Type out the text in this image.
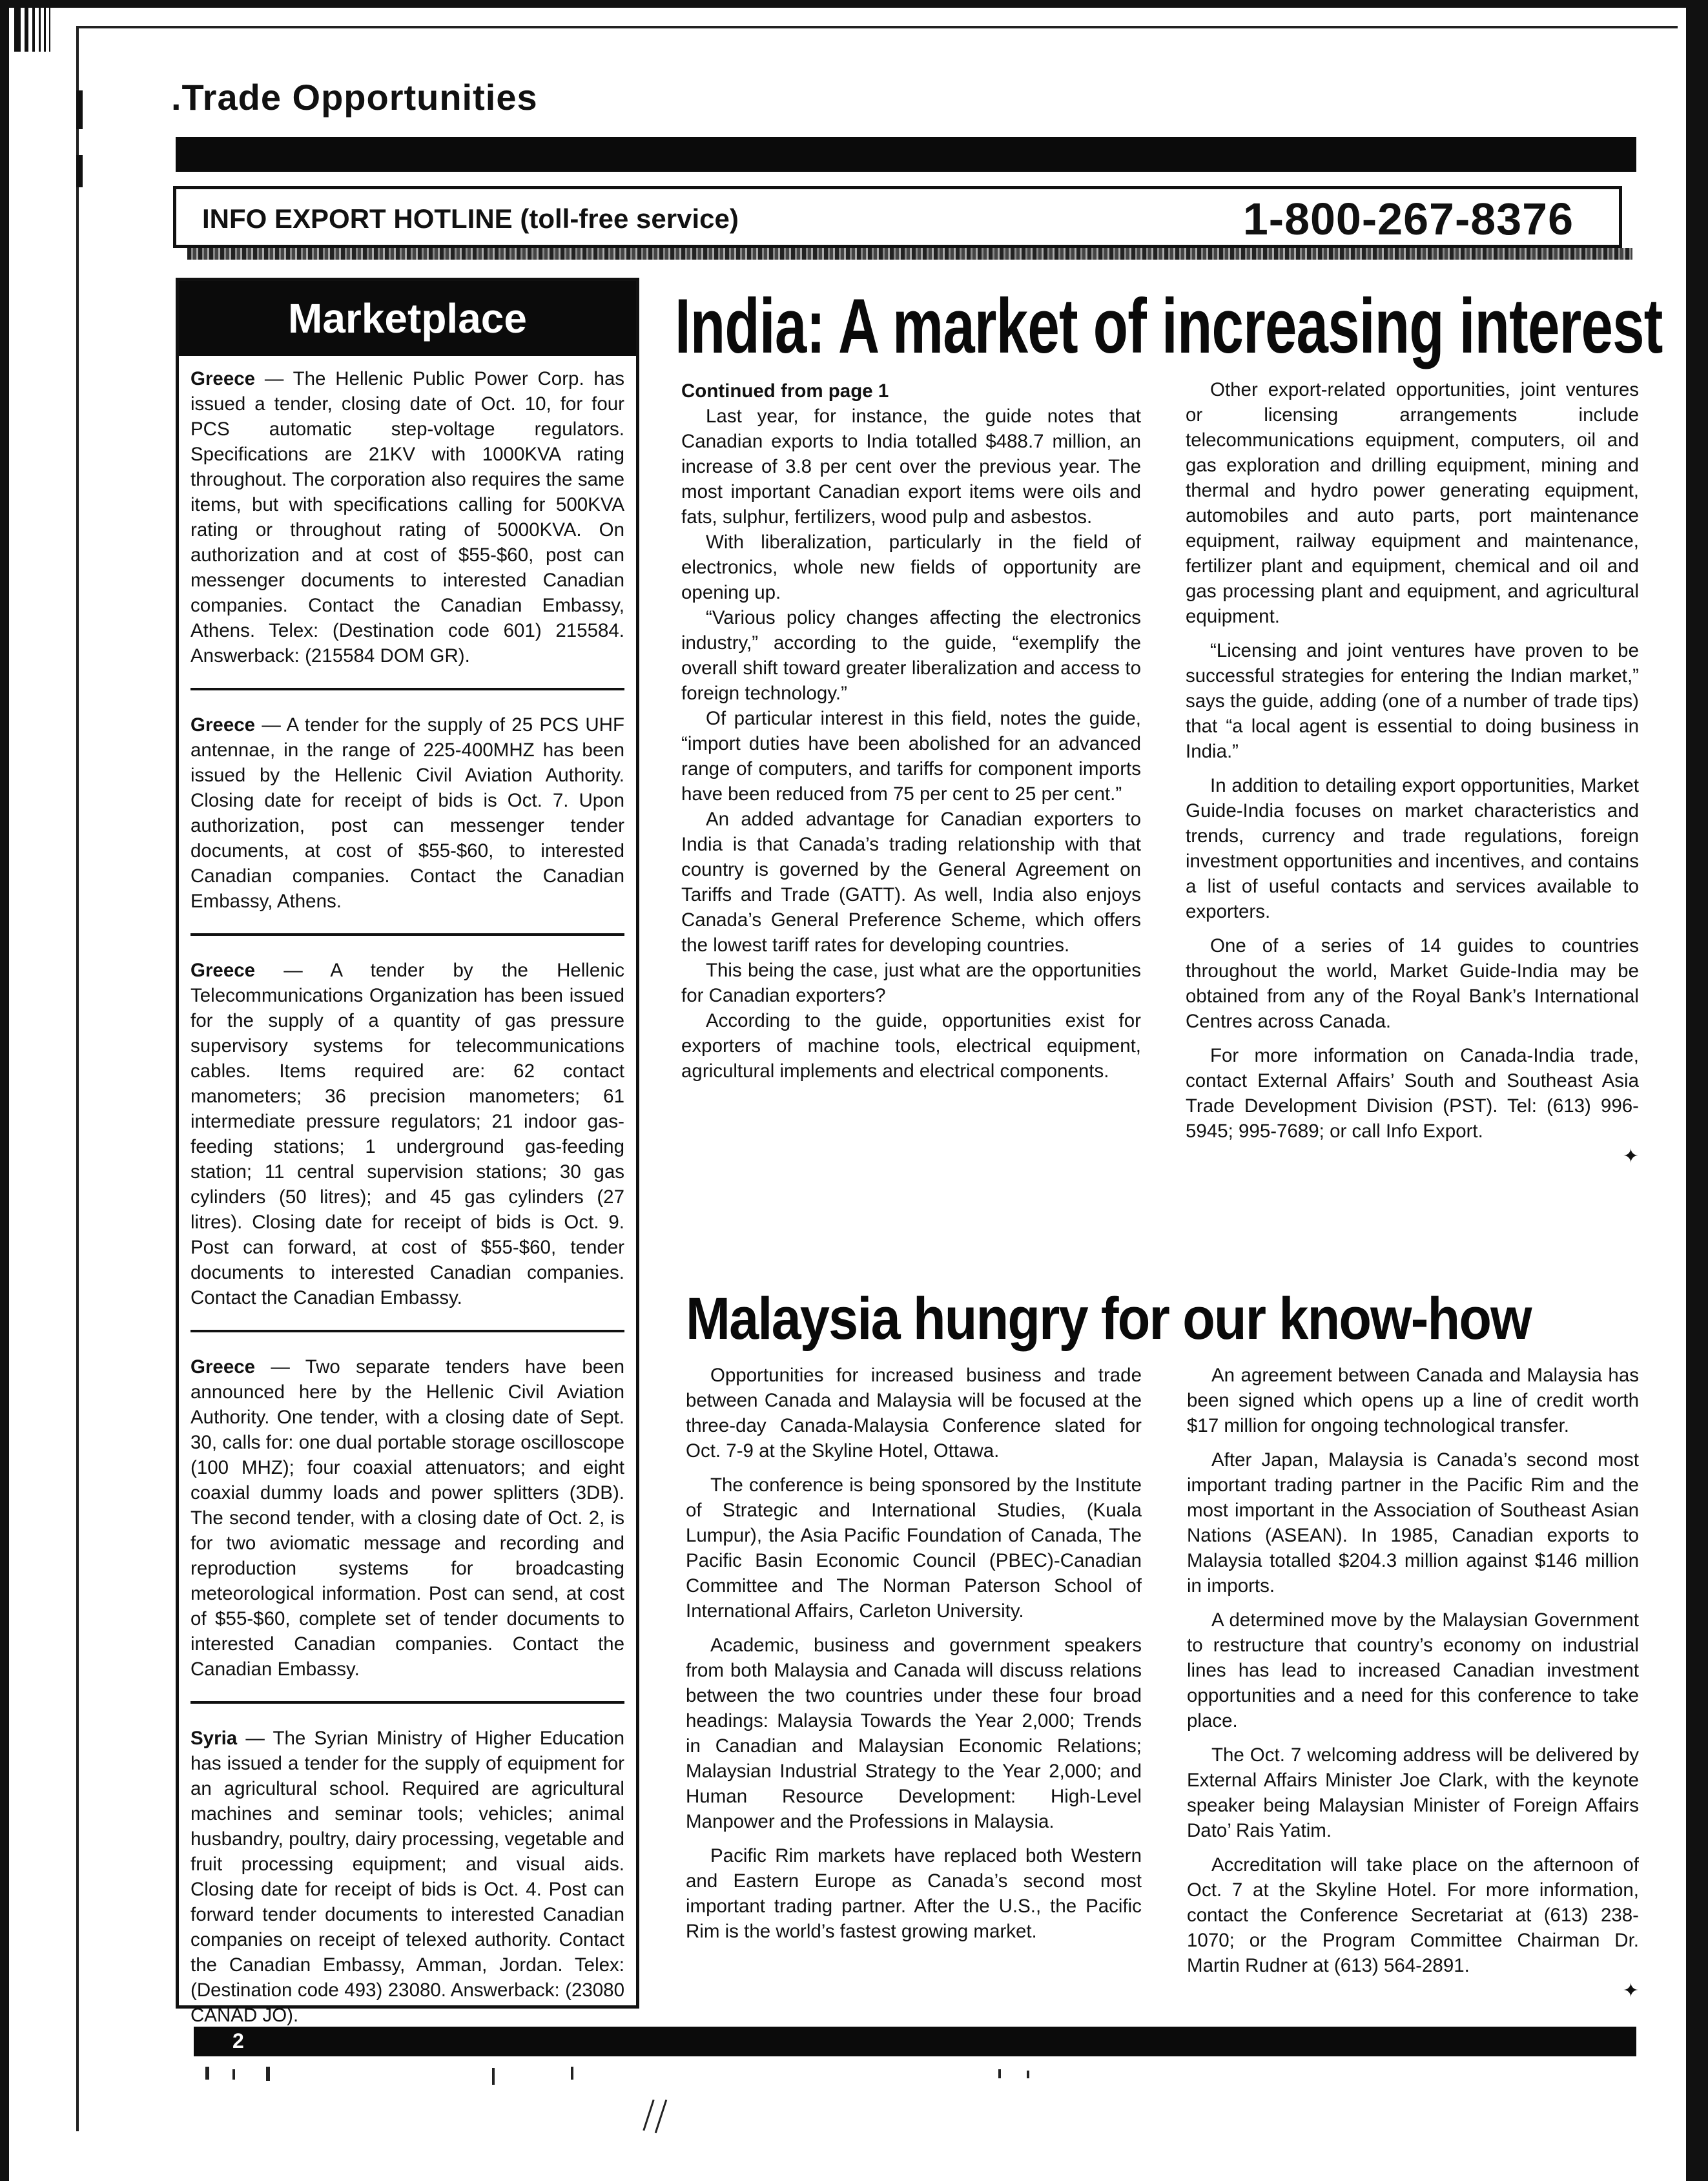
.Trade Opportunities
INFO EXPORT HOTLINE (toll-free service)	1-800-267-8376
Marketplace

Greece — The Hellenic Public Power Corp. has issued a tender, closing date of Oct. 10, for four PCS automatic step-voltage regulators. Specifications are 21KV with 1000KVA rating throughout. The corporation also requires the same items, but with specifications calling for 500KVA rating or throughout rating of 5000KVA. On authorization and at cost of $55-$60, post can messenger documents to interested Canadian companies. Contact the Canadian Embassy, Athens. Telex: (Destination code 601) 215584. Answerback: (215584 DOM GR).

Greece — A tender for the supply of 25 PCS UHF antennae, in the range of 225-400MHZ has been issued by the Hellenic Civil Aviation Authority. Closing date for receipt of bids is Oct. 7. Upon authorization, post can messenger tender documents, at cost of $55-$60, to interested Canadian companies. Contact the Canadian Embassy, Athens.

Greece — A tender by the Hellenic Telecommunications Organization has been issued for the supply of a quantity of gas pressure supervisory systems for telecommunications cables. Items required are: 62 contact manometers; 36 precision manometers; 61 intermediate pressure regulators; 21 indoor gas-feeding stations; 1 underground gas-feeding station; 11 central supervision stations; 30 gas cylinders (50 litres); and 45 gas cylinders (27 litres). Closing date for receipt of bids is Oct. 9. Post can forward, at cost of $55-$60, tender documents to interested Canadian companies. Contact the Canadian Embassy.

Greece — Two separate tenders have been announced here by the Hellenic Civil Aviation Authority. One tender, with a closing date of Sept. 30, calls for: one dual portable storage oscilloscope (100 MHZ); four coaxial attenuators; and eight coaxial dummy loads and power splitters (3DB). The second tender, with a closing date of Oct. 2, is for two aviomatic message and recording and reproduction systems for broadcasting meteorological information. Post can send, at cost of $55-$60, complete set of tender documents to interested Canadian companies. Contact the Canadian Embassy.

Syria — The Syrian Ministry of Higher Education has issued a tender for the supply of equipment for an agricultural school. Required are agricultural machines and seminar tools; vehicles; animal husbandry, poultry, dairy processing, vegetable and fruit processing equipment; and visual aids. Closing date for receipt of bids is Oct. 4. Post can forward tender documents to interested Canadian companies on receipt of telexed authority. Contact the Canadian Embassy, Amman, Jordan. Telex: (Destination code 493) 23080. Answerback: (23080 CANAD JO).

India: A market of increasing interest

Continued from page 1

Last year, for instance, the guide notes that Canadian exports to India totalled $488.7 million, an increase of 3.8 per cent over the previous year. The most important Canadian export items were oils and fats, sulphur, fertilizers, wood pulp and asbestos.

With liberalization, particularly in the field of electronics, whole new fields of opportunity are opening up.

“Various policy changes affecting the electronics industry,” according to the guide, “exemplify the overall shift toward greater liberalization and access to foreign technology.”

Of particular interest in this field, notes the guide, “import duties have been abolished for an advanced range of computers, and tariffs for component imports have been reduced from 75 per cent to 25 per cent.”

An added advantage for Canadian exporters to India is that Canada’s trading relationship with that country is governed by the General Agreement on Tariffs and Trade (GATT). As well, India also enjoys Canada’s General Preference Scheme, which offers the lowest tariff rates for developing countries.

This being the case, just what are the opportunities for Canadian exporters?

According to the guide, opportunities exist for exporters of machine tools, electrical equipment, agricultural implements and electrical components.

Other export-related opportunities, joint ventures or licensing arrangements include telecommunications equipment, computers, oil and gas exploration and drilling equipment, mining and thermal and hydro power generating equipment, automobiles and auto parts, port maintenance equipment, railway equipment and maintenance, fertilizer plant and equipment, chemical and oil and gas processing plant and equipment, and agricultural equipment.

“Licensing and joint ventures have proven to be successful strategies for entering the Indian market,” says the guide, adding (one of a number of trade tips) that “a local agent is essential to doing business in India.”

In addition to detailing export opportunities, Market Guide-India focuses on market characteristics and trends, currency and trade regulations, foreign investment opportunities and incentives, and contains a list of useful contacts and services available to exporters.

One of a series of 14 guides to countries throughout the world, Market Guide-India may be obtained from any of the Royal Bank’s International Centres across Canada.

For more information on Canada-India trade, contact External Affairs’ South and Southeast Asia Trade Development Division (PST). Tel: (613) 996-5945; 995-7689; or call Info Export.

✦
Malaysia hungry for our know-how

Opportunities for increased business and trade between Canada and Malaysia will be focused at the three-day Canada-Malaysia Conference slated for Oct. 7-9 at the Skyline Hotel, Ottawa.

The conference is being sponsored by the Institute of Strategic and International Studies, (Kuala Lumpur), the Asia Pacific Foundation of Canada, The Pacific Basin Economic Council (PBEC)-Canadian Committee and The Norman Paterson School of International Affairs, Carleton University.

Academic, business and government speakers from both Malaysia and Canada will discuss relations between the two countries under these four broad headings: Malaysia Towards the Year 2,000; Trends in Canadian and Malaysian Economic Relations; Malaysian Industrial Strategy to the Year 2,000; and Human Resource Development: High-Level Manpower and the Professions in Malaysia.

Pacific Rim markets have replaced both Western and Eastern Europe as Canada’s second most important trading partner. After the U.S., the Pacific Rim is the world’s fastest growing market.

An agreement between Canada and Malaysia has been signed which opens up a line of credit worth $17 million for ongoing technological transfer.

After Japan, Malaysia is Canada’s second most important trading partner in the Pacific Rim and the most important in the Association of Southeast Asian Nations (ASEAN). In 1985, Canadian exports to Malaysia totalled $204.3 million against $146 million in imports.

A determined move by the Malaysian Government to restructure that country’s economy on industrial lines has lead to increased Canadian investment opportunities and a need for this conference to take place.

The Oct. 7 welcoming address will be delivered by External Affairs Minister Joe Clark, with the keynote speaker being Malaysian Minister of Foreign Affairs Dato’ Rais Yatim.

Accreditation will take place on the afternoon of Oct. 7 at the Skyline Hotel. For more information, contact the Conference Secretariat at (613) 238-1070; or the Program Committee Chairman Dr. Martin Rudner at (613) 564-2891.

✦
2
